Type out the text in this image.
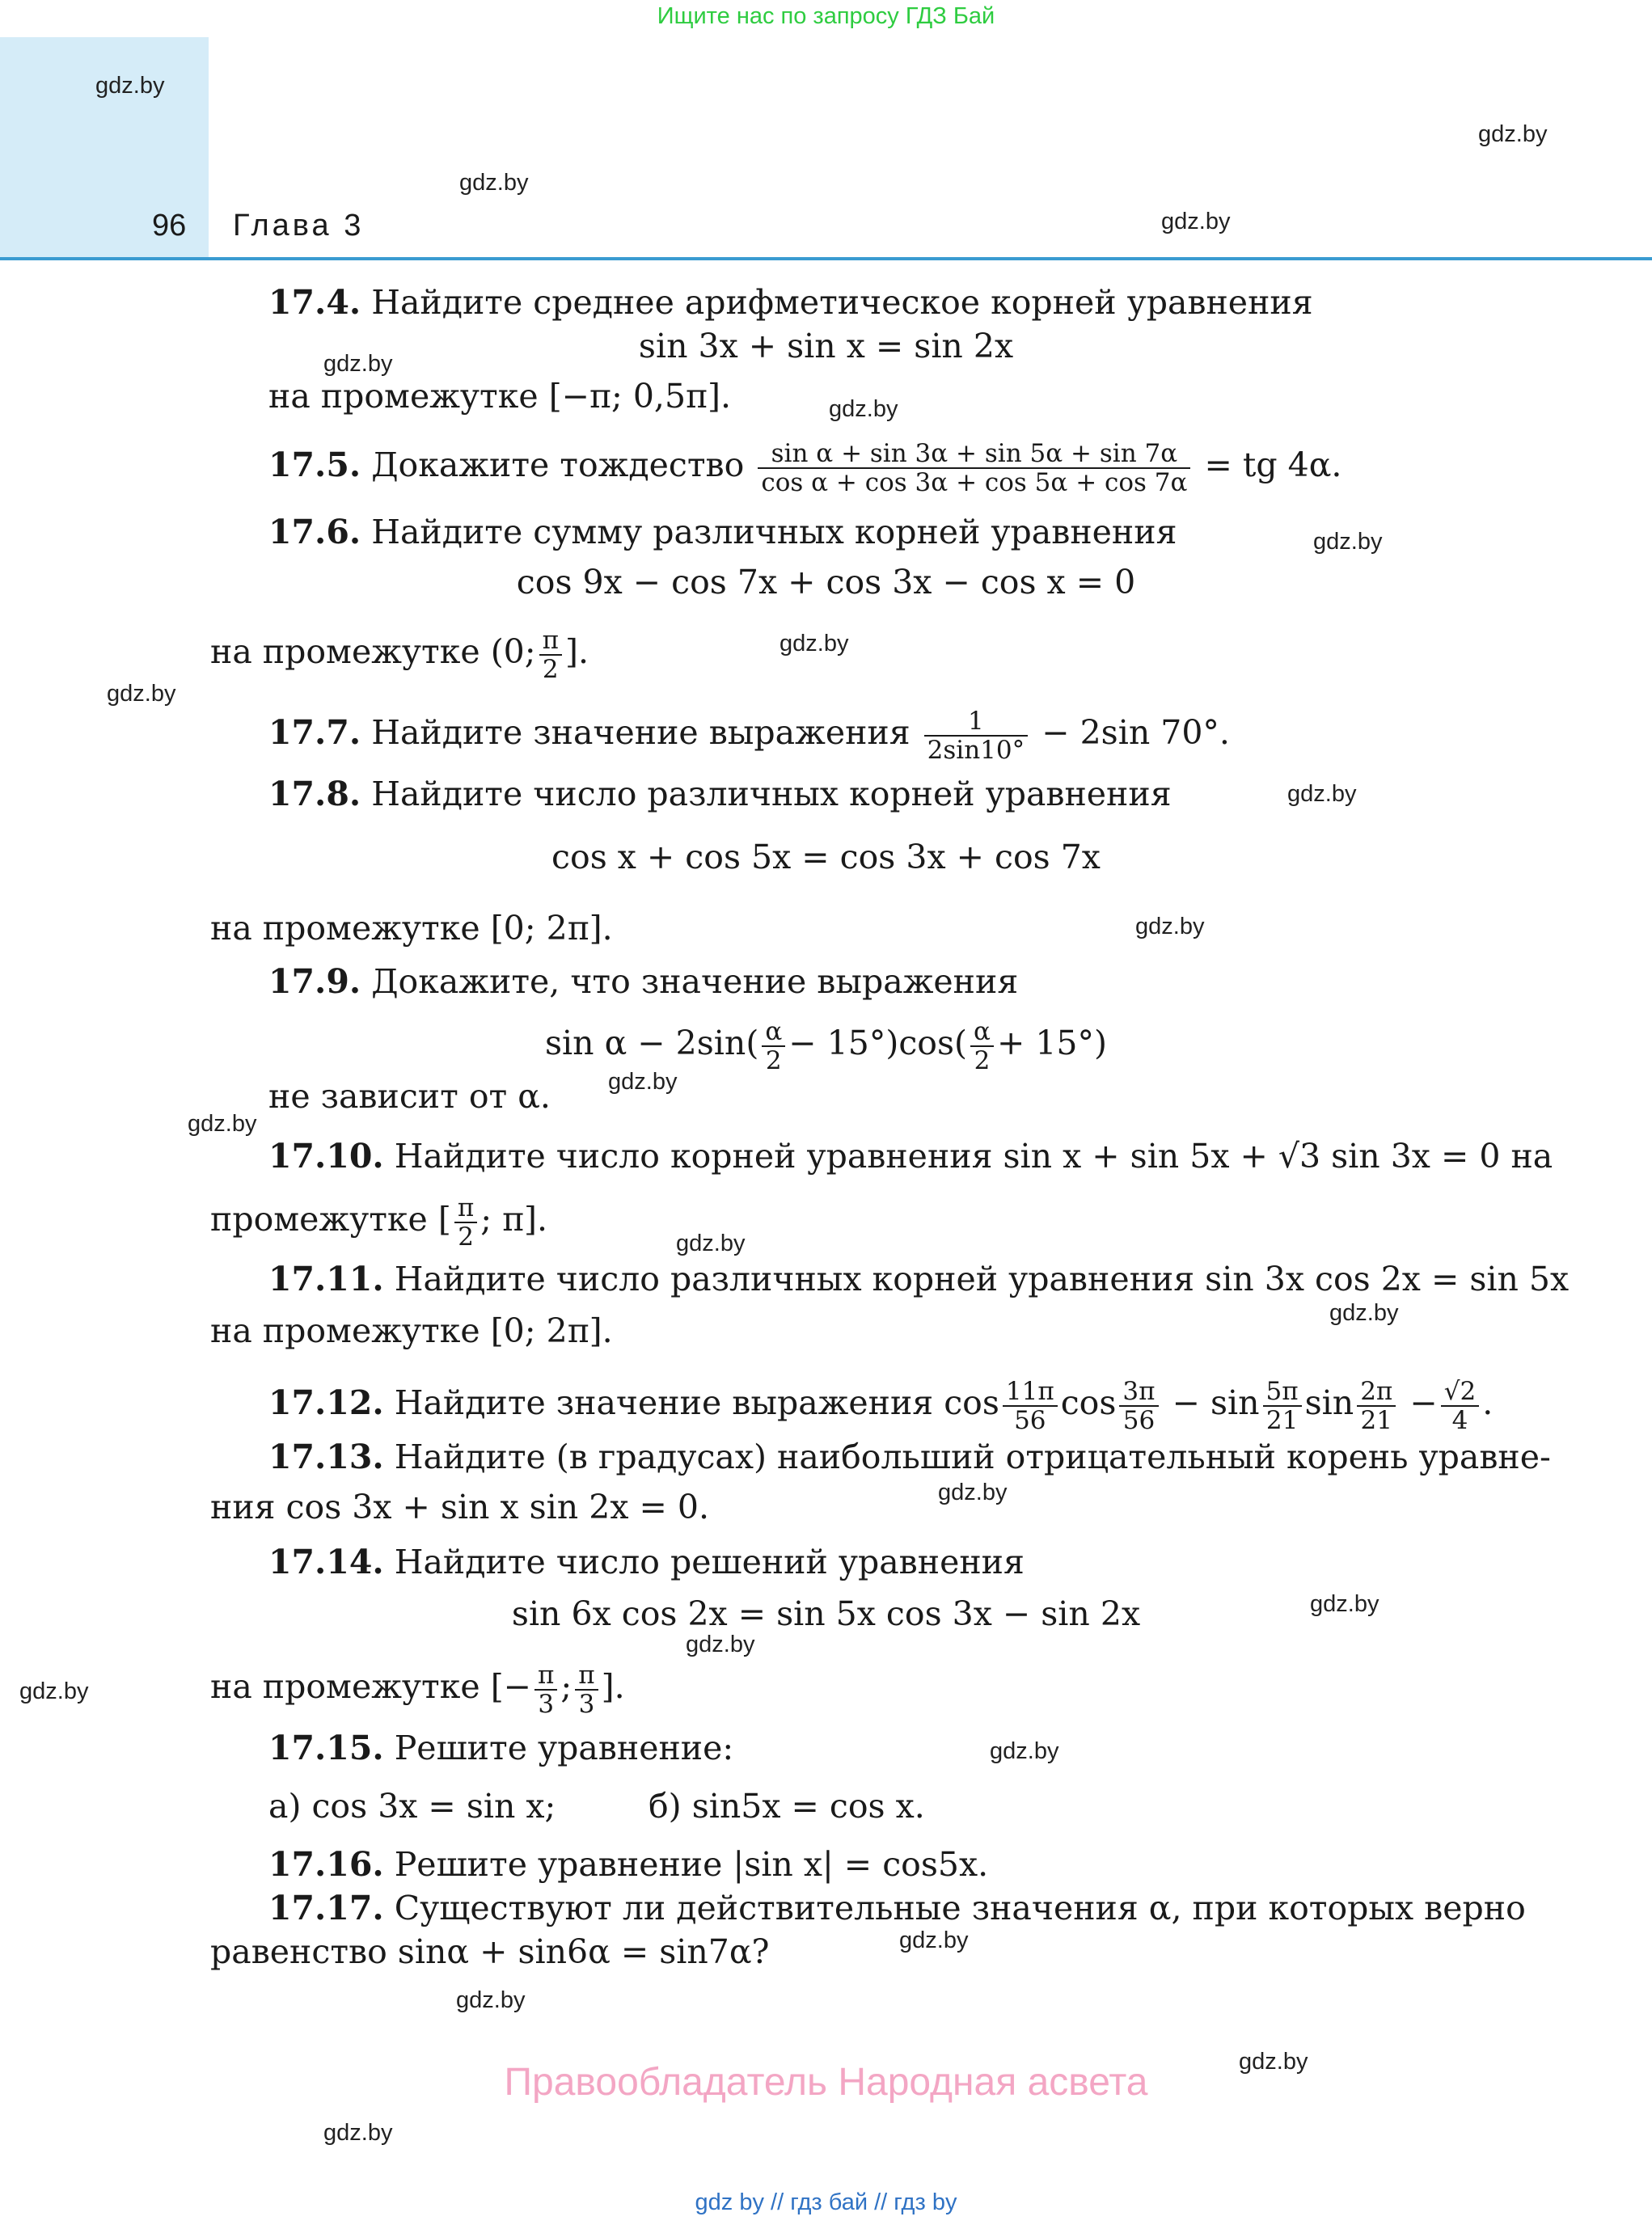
Ищите нас по запросу ГДЗ Бай
96 Глава 3
gdz.by
gdz.by
gdz.by
gdz.by
gdz.by
gdz.by
gdz.by
gdz.by
gdz.by
gdz.by
gdz.by
gdz.by
gdz.by
gdz.by
gdz.by
gdz.by
gdz.by
gdz.by
gdz.by
gdz.by
gdz.by
gdz.by
gdz.by
gdz.by
17.4. Найдите среднее арифметическое корней уравнения
sin 3x + sin x = sin 2x
на промежутке [−π; 0,5π].
17.5. Докажите тождество $\frac{\text{sin α + sin 3α + sin 5α + sin 7α}}{\text{cos α + cos 3α + cos 5α + cos 7α}}$ = tg 4α.
17.6. Найдите сумму различных корней уравнения
cos 9x − cos 7x + cos 3x − cos x = 0
на промежутке (0; $\frac{\pi}{2}$ ].
17.7. Найдите значение выражения $\frac{1}{2\sin 10^\circ} - 2\sin$ 70°.
17.8. Найдите число различных корней уравнения
cos x + cos 5x = cos 3x + cos 7x
на промежутке [0; 2π].
17.9. Докажите, что значение выражения
$\sin \alpha - 2\sin( \frac{\alpha}{2} - 15^\circ)\cos( \frac{\alpha}{2} + 15^\circ)$
не зависит от α.
17.10. Найдите число корней уравнения sin x + sin 5x + √3 sin 3x = 0 на
промежутке [ $\frac{\pi}{2}$ ; π].
17.11. Найдите число различных корней уравнения sin 3x cos 2x = sin 5x
на промежутке [0; 2π].
17.12. Найдите значение выражения $\cos \frac{11\pi}{56}$ $\cos \frac{3\pi}{56} - \sin \frac{5\pi}{21}$ $\sin \frac{2\pi}{21} - \frac{√2}{4}$ .
17.13. Найдите (в градусах) наибольший отрицательный корень уравне-
ния cos 3x + sin x sin 2x = 0.
17.14. Найдите число решений уравнения
sin 6x cos 2x = sin 5x cos 3x − sin 2x
на промежутке [− $\frac{\pi}{3}$ ; $\frac{\pi}{3}$ ].
17.15. Решите уравнение:
а) cos 3x = sin x;	б) sin5x = cos x.
17.16. Решите уравнение |sin x| = cos5x.
17.17. Существуют ли действительные значения α, при которых верно
равенство sinα + sin6α = sin7α?
Правообладатель Народная асвета
gdz by // гдз бай // гдз by
